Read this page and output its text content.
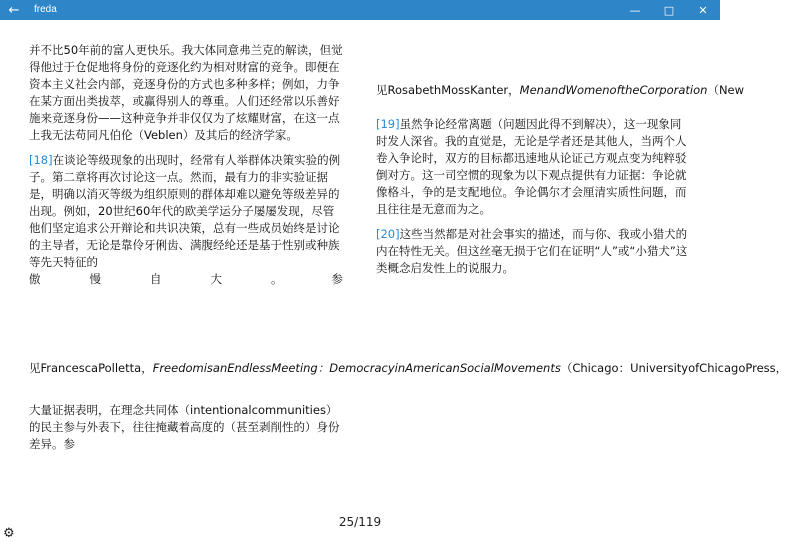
← freda	—	□	✕

并不比50年前的富人更快乐。我大体同意弗兰克的解读，但觉得他过于仓促地将身份的竞逐化约为相对财富的竞争。即便在资本主义社会内部，竞逐身份的方式也多种多样；例如，力争在某方面出类拔萃，或赢得别人的尊重。人们还经常以乐善好施来竞逐身份——这种竞争并非仅仅为了炫耀财富，在这一点上我无法苟同凡伯伦（Veblen）及其后的经济学家。

[18]在谈论等级现象的出现时，经常有人举群体决策实验的例子。第二章将再次讨论这一点。然而，最有力的非实验证据是，明确以消灭等级为组织原则的群体却难以避免等级差异的出现。例如，20世纪60年代的欧美学运分子屡屡发现，尽管他们坚定追求公开辩论和共识决策，总有一些成员始终是讨论的主导者，无论是靠伶牙俐齿、满腹经纶还是基于性别或种族等先天特征的

傲慢自大。参
见FrancescaPolletta，FreedomisanEndlessMeeting：DemocracyinAmericanSocialMovements（Chicago：UniversityofChicagoPress，
大量证据表明，在理念共同体（intentionalcommunities）的民主参与外表下，往往掩藏着高度的（甚至剥削性的）身份差异。参
见RosabethMossKanter，MenandWomenoftheCorporation（New

[19]虽然争论经常离题（问题因此得不到解决），这一现象同时发人深省。我的直觉是，无论是学者还是其他人，当两个人卷入争论时，双方的目标都迅速地从论证己方观点变为纯粹驳倒对方。这一司空惯的现象为以下观点提供有力证据：争论就像格斗，争的是支配地位。争论偶尔才会厘清实质性问题，而且往往是无意而为之。

[20]这些当然都是对社会事实的描述，而与你、我或小猎犬的内在特性无关。但这丝毫无损于它们在证明“人”或“小猎犬”这类概念启发性上的说服力。

25/119
⚙
